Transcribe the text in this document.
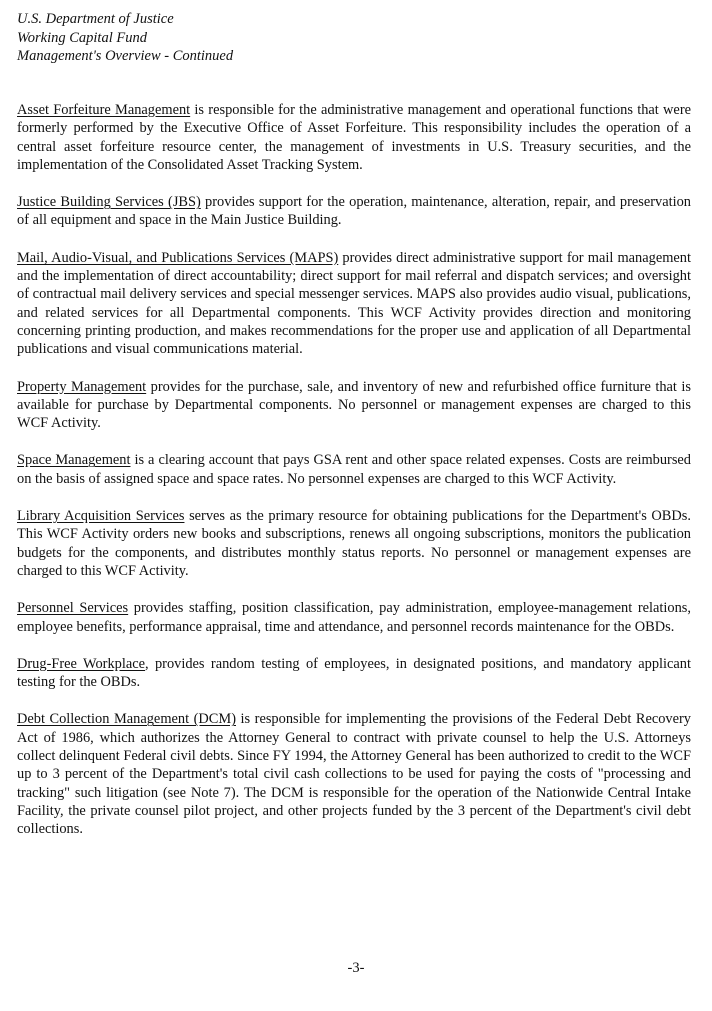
U.S. Department of Justice
Working Capital Fund
Management's Overview - Continued

Asset Forfeiture Management is responsible for the administrative management and operational functions that were formerly performed by the Executive Office of Asset Forfeiture. This responsibility includes the operation of a central asset forfeiture resource center, the management of investments in U.S. Treasury securities, and the implementation of the Consolidated Asset Tracking System.

Justice Building Services (JBS) provides support for the operation, maintenance, alteration, repair, and preservation of all equipment and space in the Main Justice Building.

Mail, Audio-Visual, and Publications Services (MAPS) provides direct administrative support for mail management and the implementation of direct accountability; direct support for mail referral and dispatch services; and oversight of contractual mail delivery services and special messenger services. MAPS also provides audio visual, publications, and related services for all Departmental components. This WCF Activity provides direction and monitoring concerning printing production, and makes recommendations for the proper use and application of all Departmental publications and visual communications material.

Property Management provides for the purchase, sale, and inventory of new and refurbished office furniture that is available for purchase by Departmental components. No personnel or management expenses are charged to this WCF Activity.

Space Management is a clearing account that pays GSA rent and other space related expenses. Costs are reimbursed on the basis of assigned space and space rates. No personnel expenses are charged to this WCF Activity.

Library Acquisition Services serves as the primary resource for obtaining publications for the Department's OBDs. This WCF Activity orders new books and subscriptions, renews all ongoing subscriptions, monitors the publication budgets for the components, and distributes monthly status reports. No personnel or management expenses are charged to this WCF Activity.

Personnel Services provides staffing, position classification, pay administration, employee-management relations, employee benefits, performance appraisal, time and attendance, and personnel records maintenance for the OBDs.

Drug-Free Workplace, provides random testing of employees, in designated positions, and mandatory applicant testing for the OBDs.

Debt Collection Management (DCM) is responsible for implementing the provisions of the Federal Debt Recovery Act of 1986, which authorizes the Attorney General to contract with private counsel to help the U.S. Attorneys collect delinquent Federal civil debts. Since FY 1994, the Attorney General has been authorized to credit to the WCF up to 3 percent of the Department's total civil cash collections to be used for paying the costs of "processing and tracking" such litigation (see Note 7). The DCM is responsible for the operation of the Nationwide Central Intake Facility, the private counsel pilot project, and other projects funded by the 3 percent of the Department's civil debt collections.

-3-
